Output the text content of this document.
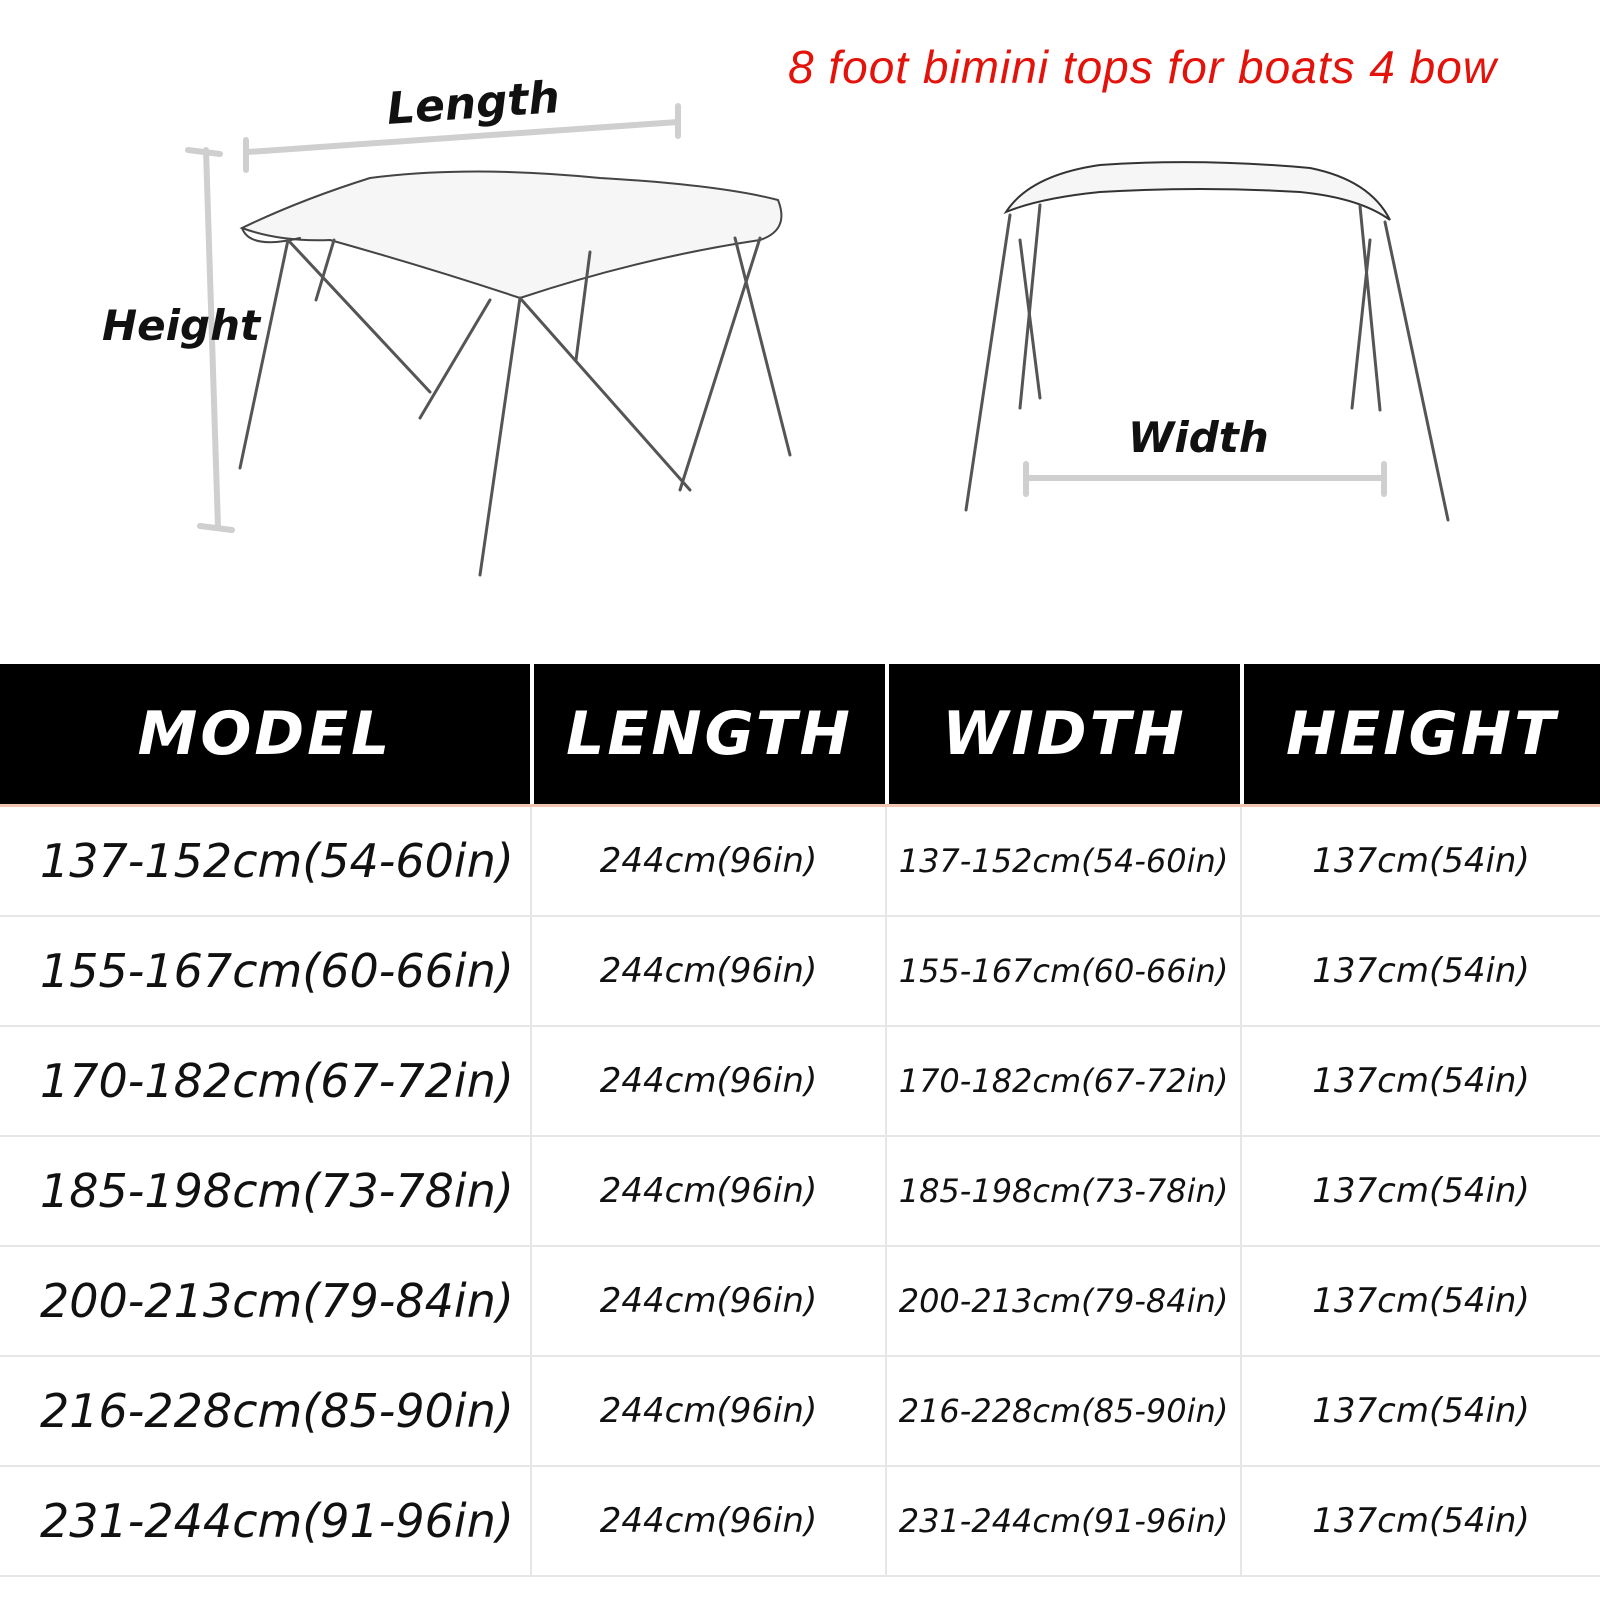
8 foot bimini tops for boats 4 bow
Length
Height
Width
MODEL	LENGTH	WIDTH	HEIGHT
137-152cm(54-60in)	244cm(96in)	137-152cm(54-60in)	137cm(54in)
155-167cm(60-66in)	244cm(96in)	155-167cm(60-66in)	137cm(54in)
170-182cm(67-72in)	244cm(96in)	170-182cm(67-72in)	137cm(54in)
185-198cm(73-78in)	244cm(96in)	185-198cm(73-78in)	137cm(54in)
200-213cm(79-84in)	244cm(96in)	200-213cm(79-84in)	137cm(54in)
216-228cm(85-90in)	244cm(96in)	216-228cm(85-90in)	137cm(54in)
231-244cm(91-96in)	244cm(96in)	231-244cm(91-96in)	137cm(54in)
